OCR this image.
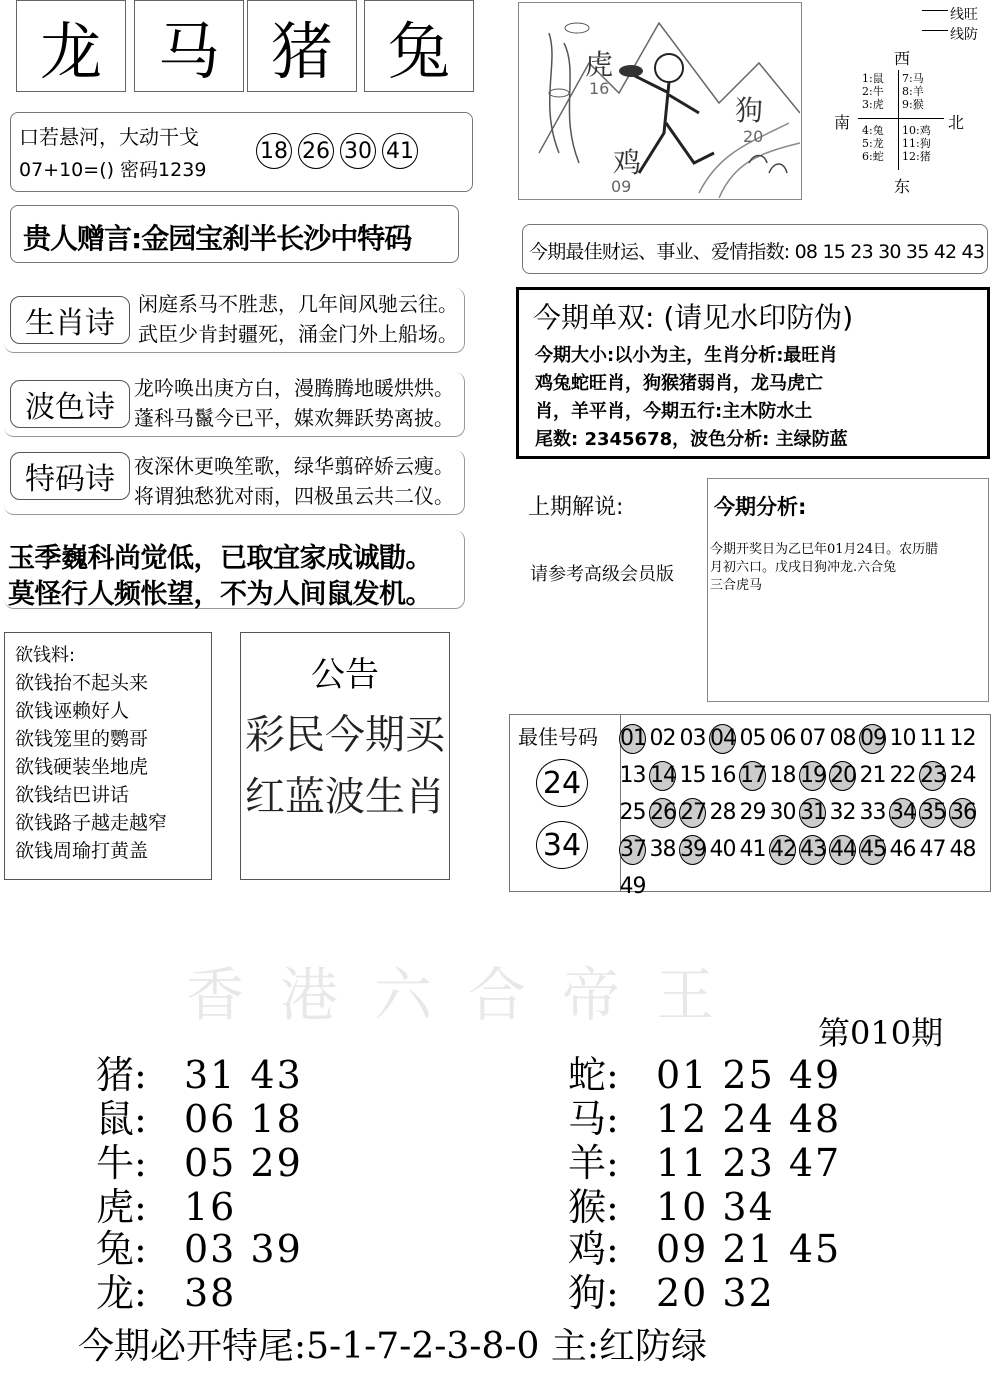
龙 马 猪 兔
口若悬河，大动干戈
07+10=() 密码1239
18 26 30 41
贵人赠言:金园宝刹半长沙中特码
生肖诗
闲庭系马不胜悲，几年间风驰云往。
武臣少肯封疆死，涌金门外上船场。
波色诗
龙吟唤出庚方白，漫腾腾地暖烘烘。
蓬科马鬣今已平，媒欢舞跃势离披。
特码诗 夜深休更唤笙歌，绿华翦碎娇云瘦。
将谓独愁犹对雨，四极虽云共二仪。
玉季巍科尚觉低，已取宜家成诚勖。
莫怪行人频怅望，不为人间鼠发机。
欲钱料:
欲钱抬不起头来
欲钱诬赖好人
欲钱笼里的鹦哥
欲钱硬装坐地虎
欲钱结巴讲话
欲钱路子越走越窄
欲钱周瑜打黄盖
公告
彩民今期买
红蓝波生肖
虎
16
狗
20
鸡
09
线旺
线防
西
南	北
东
1:鼠
2:牛
3:虎
7:马
8:羊
9:猴
4:兔
5:龙
6:蛇
10:鸡
11:狗
12:猪
今期最佳财运、事业、爱情指数: 08 15 23 30 35 42 43
今期单双: (请见水印防伪)
今期大小:以小为主，生肖分析:最旺肖
鸡兔蛇旺肖，狗猴猪弱肖，龙马虎亡
肖，羊平肖，今期五行:主木防水土
尾数: 2345678，波色分析: 主绿防蓝
上期解说:
请参考高级会员版
今期分析:
今期开奖日为乙巳年01月24日。农历腊
月初六口。戊戌日狗冲龙.六合兔
三合虎马
最佳号码
24
34
01 02 03 04 05 06 07 08 09 10 11 12
13 14 15 16 17 18 19 20 21 22 23 24
25 26 27 28 29 30 31 32 33 34 35 36
37 38 39 40 41 42 43 44 45 46 47 48
49
香港六合帝王
第010期
猪: 31 43
鼠: 06 18
牛: 05 29
虎: 16
兔: 03 39
龙: 38
蛇: 01 25 49
马: 12 24 48
羊: 11 23 47
猴: 10 34
鸡: 09 21 45
狗: 20 32
今期必开特尾:5-1-7-2-3-8-0 主:红防绿
